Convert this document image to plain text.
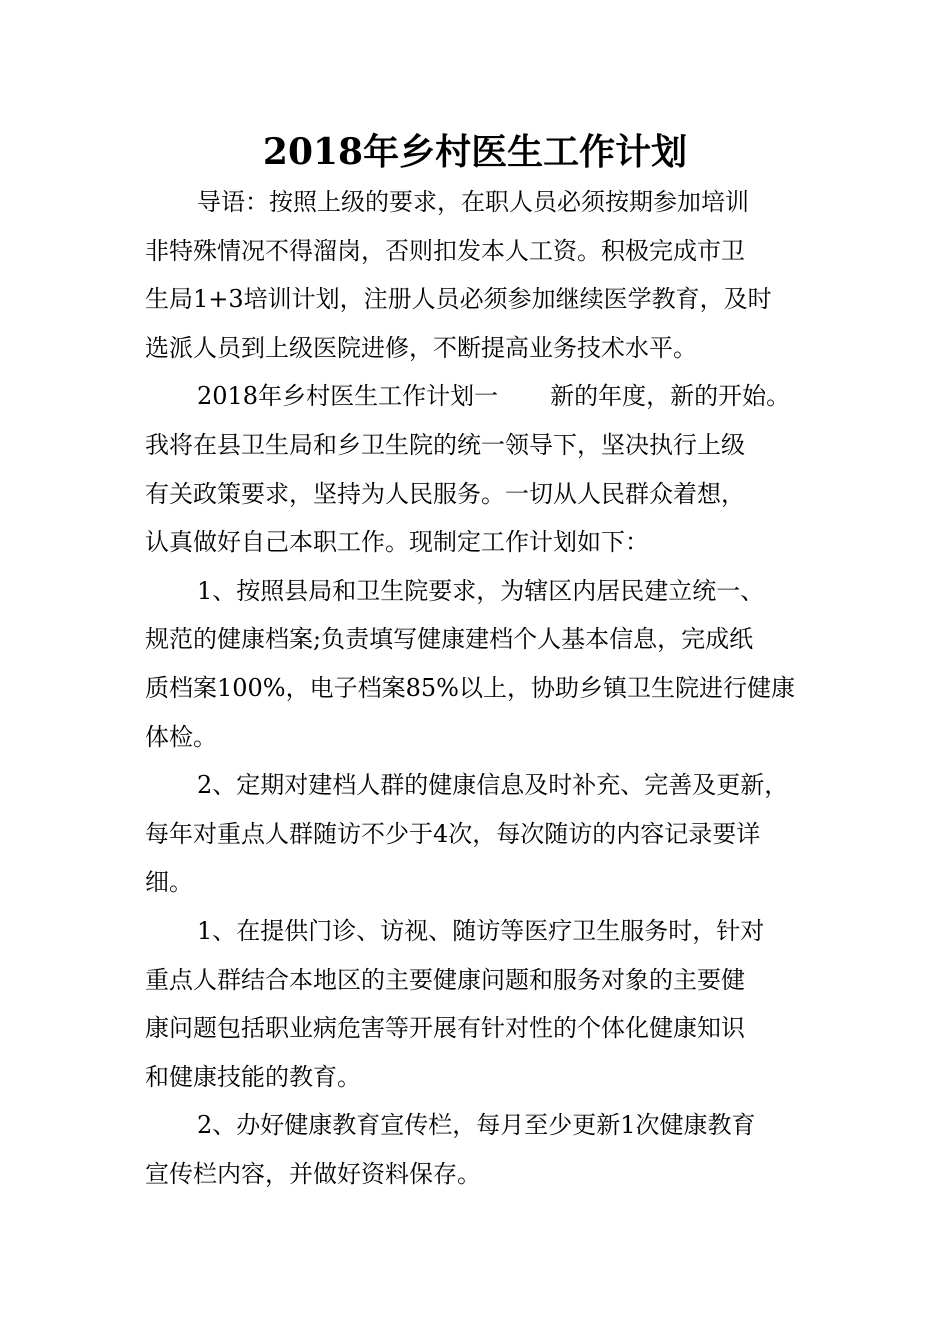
2018年乡村医生工作计划
导语：按照上级的要求，在职人员必须按期参加培训
非特殊情况不得溜岗，否则扣发本人工资。积极完成市卫
生局1+3培训计划，注册人员必须参加继续医学教育，及时
选派人员到上级医院进修，不断提高业务技术水平。
2018年乡村医生工作计划一 新的年度，新的开始。
我将在县卫生局和乡卫生院的统一领导下，坚决执行上级
有关政策要求，坚持为人民服务。一切从人民群众着想，
认真做好自己本职工作。现制定工作计划如下：
1、按照县局和卫生院要求，为辖区内居民建立统一、
规范的健康档案;负责填写健康建档个人基本信息，完成纸
质档案100%，电子档案85%以上，协助乡镇卫生院进行健康
体检。
2、定期对建档人群的健康信息及时补充、完善及更新，
每年对重点人群随访不少于4次，每次随访的内容记录要详
细。
1、在提供门诊、访视、随访等医疗卫生服务时，针对
重点人群结合本地区的主要健康问题和服务对象的主要健
康问题包括职业病危害等开展有针对性的个体化健康知识
和健康技能的教育。
2、办好健康教育宣传栏，每月至少更新1次健康教育
宣传栏内容，并做好资料保存。
